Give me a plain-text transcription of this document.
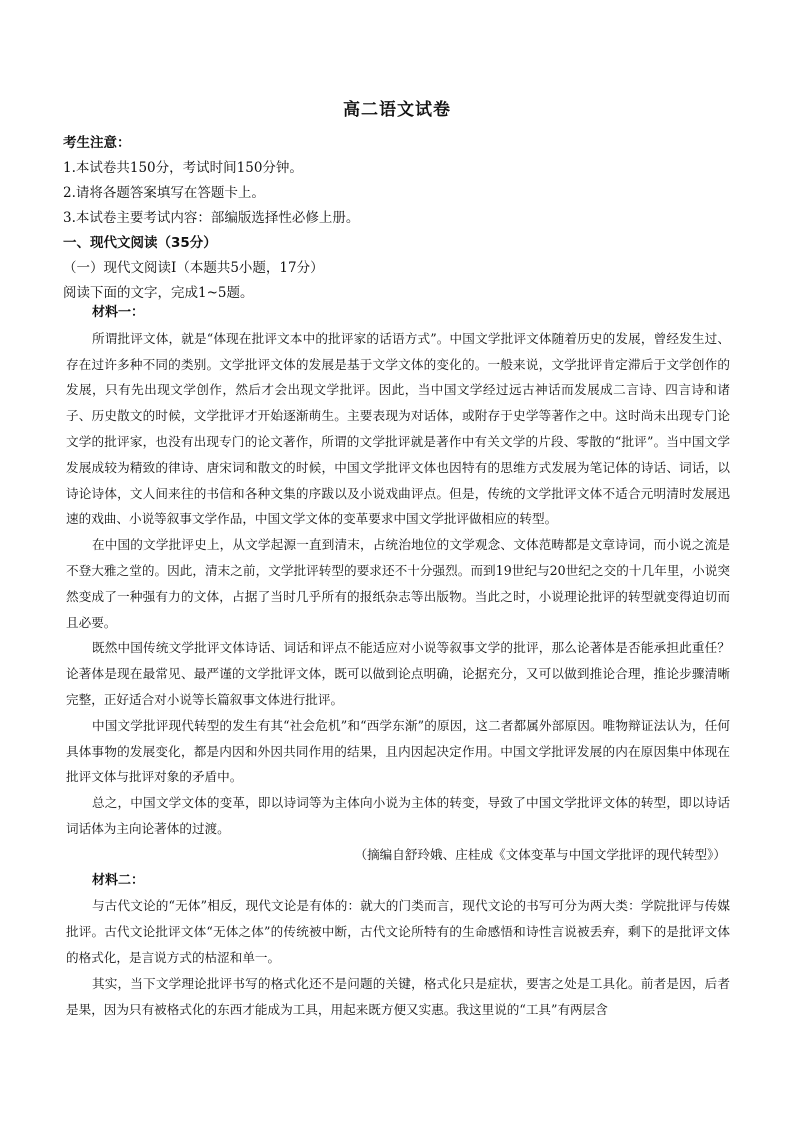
高二语文试卷
考生注意：
1.本试卷共150分，考试时间150分钟。
2.请将各题答案填写在答题卡上。
3.本试卷主要考试内容：部编版选择性必修上册。
一、现代文阅读（35分）
（一）现代文阅读Ⅰ（本题共5小题，17分）
阅读下面的文字，完成1~5题。
材料一：

所谓批评文体，就是“体现在批评文本中的批评家的话语方式”。中国文学批评文体随着历史的发展，曾经发生过、存在过许多种不同的类别。文学批评文体的发展是基于文学文体的变化的。一般来说，文学批评肯定滞后于文学创作的发展，只有先出现文学创作，然后才会出现文学批评。因此，当中国文学经过远古神话而发展成二言诗、四言诗和诸子、历史散文的时候，文学批评才开始逐渐萌生。主要表现为对话体，或附存于史学等著作之中。这时尚未出现专门论文学的批评家，也没有出现专门的论文著作，所谓的文学批评就是著作中有关文学的片段、零散的“批评”。当中国文学发展成较为精致的律诗、唐宋词和散文的时候，中国文学批评文体也因特有的思维方式发展为笔记体的诗话、词话，以诗论诗体，文人间来往的书信和各种文集的序跋以及小说戏曲评点。但是，传统的文学批评文体不适合元明清时发展迅速的戏曲、小说等叙事文学作品，中国文学文体的变革要求中国文学批评做相应的转型。

在中国的文学批评史上，从文学起源一直到清末，占统治地位的文学观念、文体范畴都是文章诗词，而小说之流是不登大雅之堂的。因此，清末之前，文学批评转型的要求还不十分强烈。而到19世纪与20世纪之交的十几年里，小说突然变成了一种强有力的文体，占据了当时几乎所有的报纸杂志等出版物。当此之时，小说理论批评的转型就变得迫切而且必要。

既然中国传统文学批评文体诗话、词话和评点不能适应对小说等叙事文学的批评，那么论著体是否能承担此重任？论著体是现在最常见、最严谨的文学批评文体，既可以做到论点明确，论据充分，又可以做到推论合理，推论步骤清晰完整，正好适合对小说等长篇叙事文体进行批评。

中国文学批评现代转型的发生有其“社会危机”和“西学东渐”的原因，这二者都属外部原因。唯物辩证法认为，任何具体事物的发展变化，都是内因和外因共同作用的结果，且内因起决定作用。中国文学批评发展的内在原因集中体现在批评文体与批评对象的矛盾中。

总之，中国文学文体的变革，即以诗词等为主体向小说为主体的转变，导致了中国文学批评文体的转型，即以诗话词话体为主向论著体的过渡。

（摘编自舒玲娥、庄桂成《文体变革与中国文学批评的现代转型》）
材料二：

与古代文论的“无体”相反，现代文论是有体的：就大的门类而言，现代文论的书写可分为两大类：学院批评与传媒批评。古代文论批评文体“无体之体”的传统被中断，古代文论所特有的生命感悟和诗性言说被丢弃，剩下的是批评文体的格式化，是言说方式的枯涩和单一。

其实，当下文学理论批评书写的格式化还不是问题的关键，格式化只是症状，要害之处是工具化。前者是因，后者是果，因为只有被格式化的东西才能成为工具，用起来既方便又实惠。我这里说的“工具”有两层含
